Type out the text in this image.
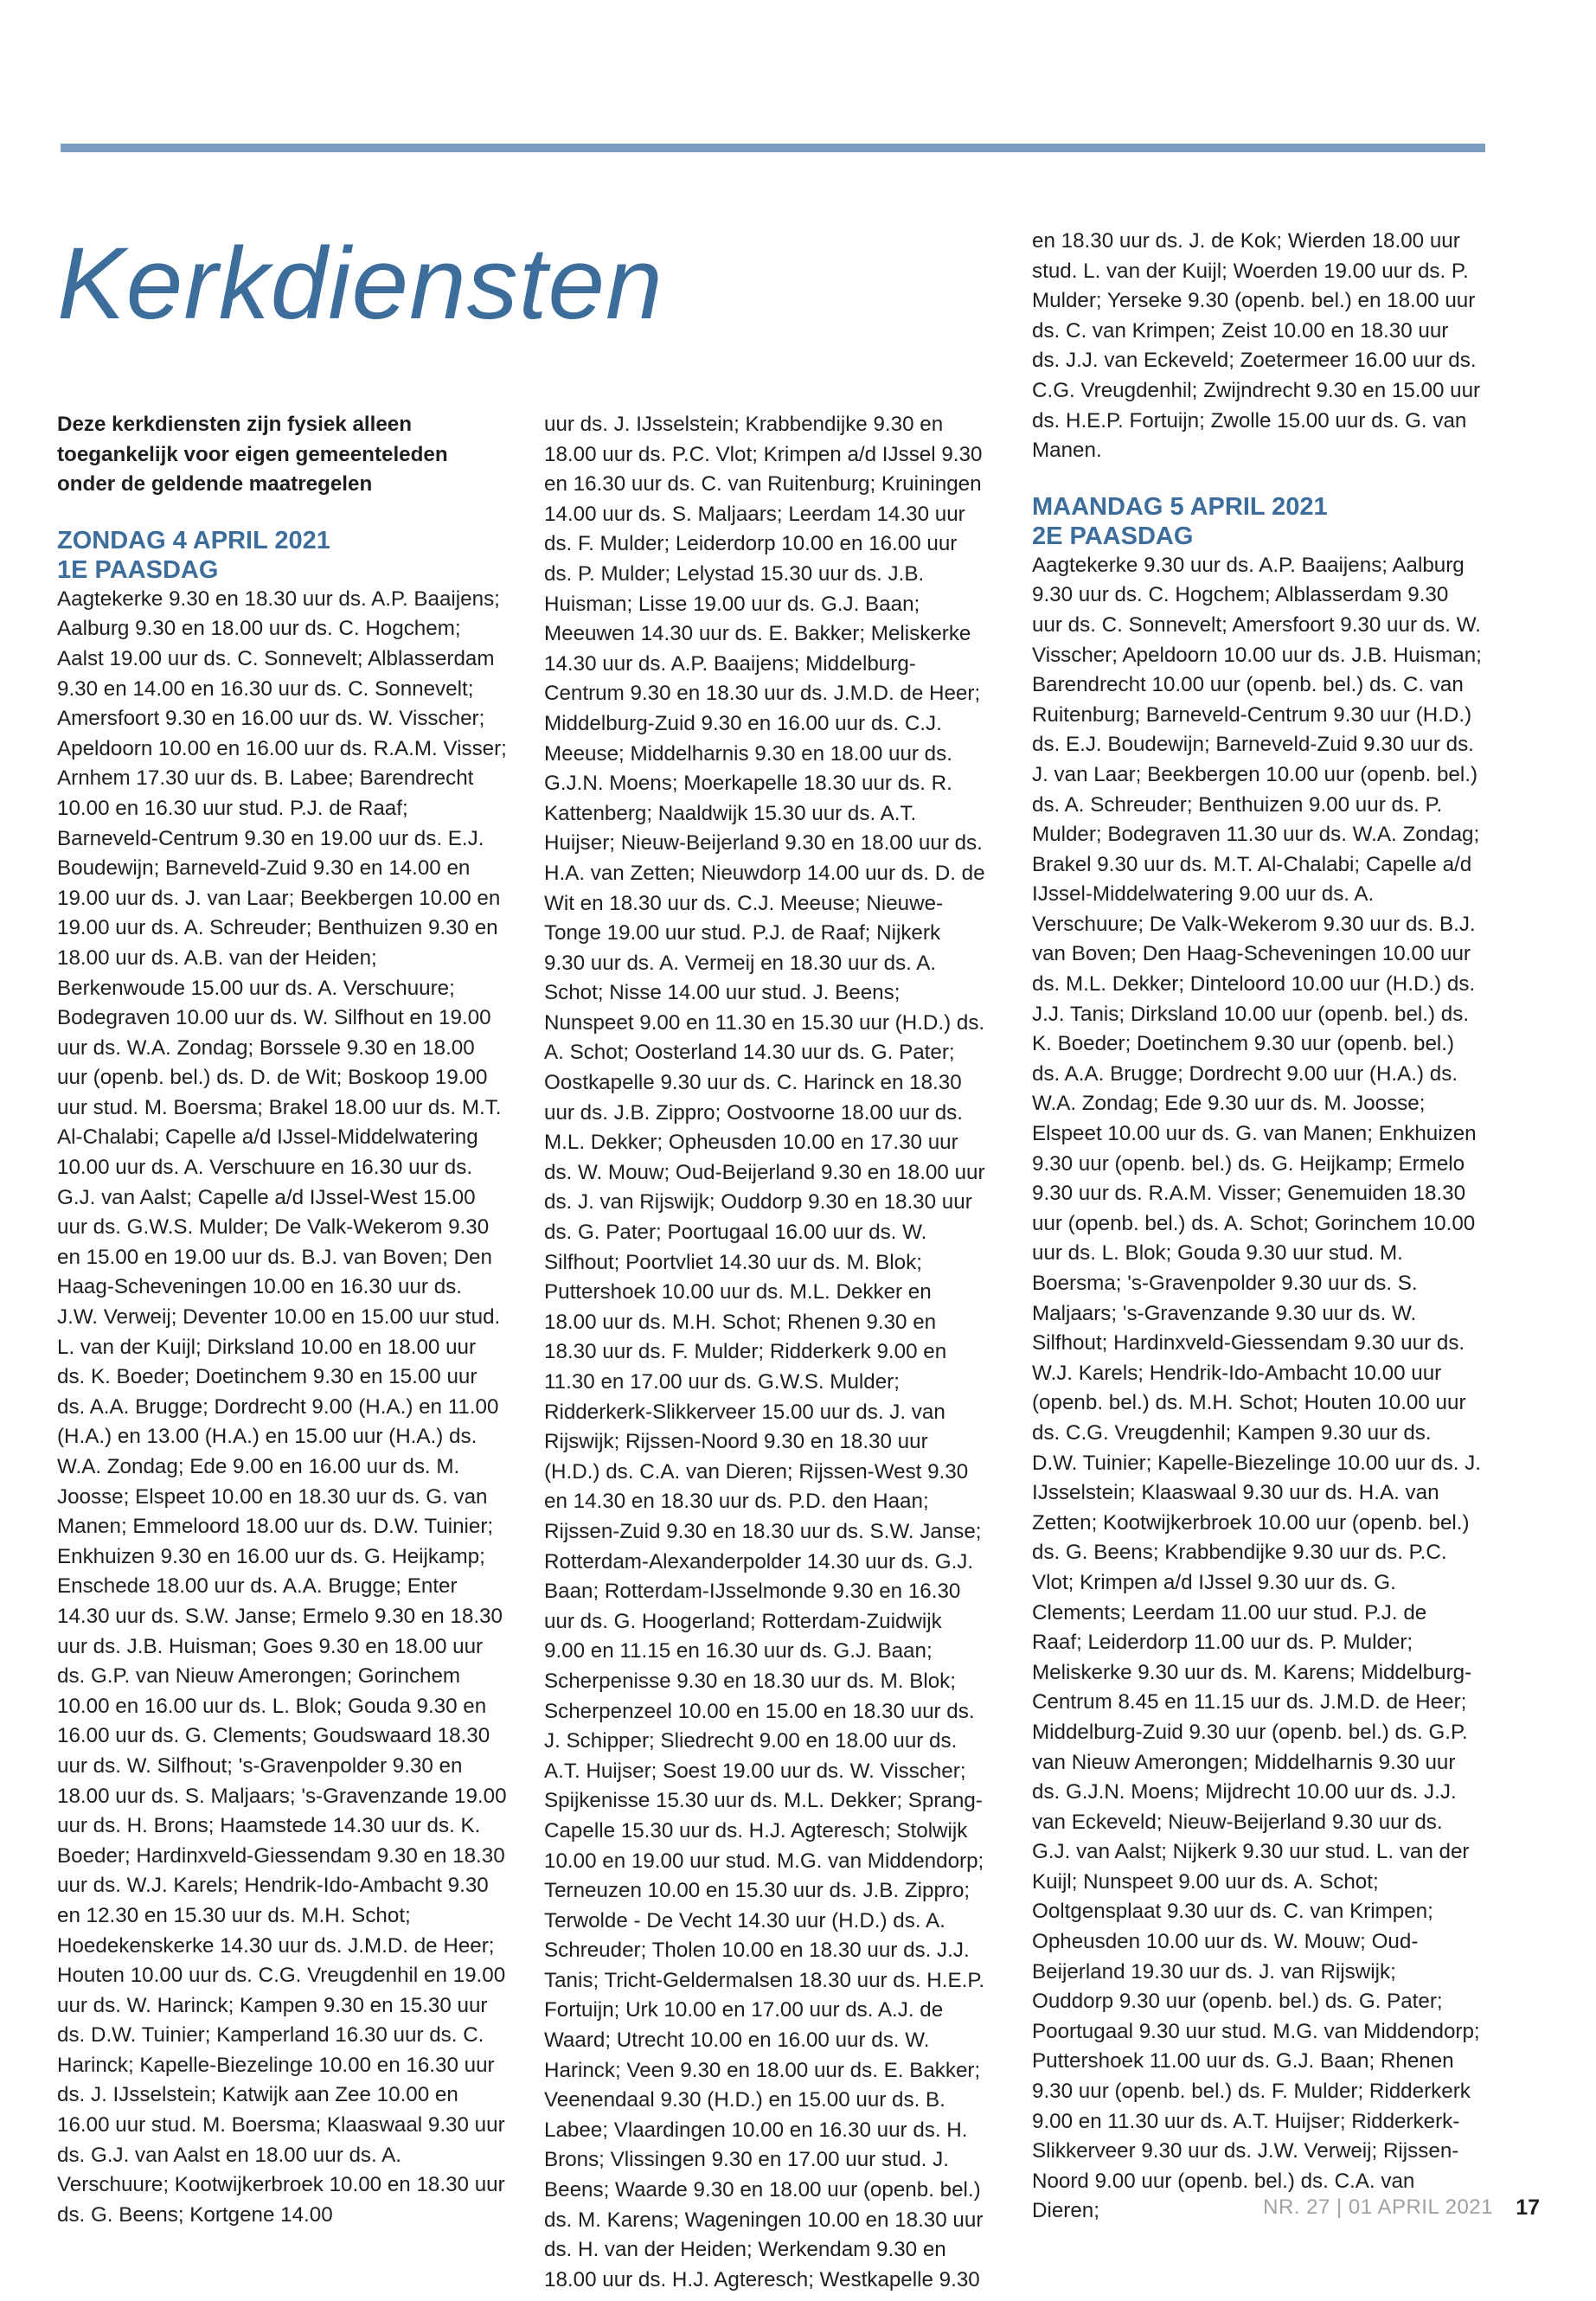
Kerkdiensten

Deze kerkdiensten zijn fysiek alleen toegankelijk voor eigen gemeenteleden onder de geldende maatregelen

ZONDAG 4 APRIL 2021
1E PAASDAG

Aagtekerke 9.30 en 18.30 uur ds. A.P. Baaijens; Aalburg 9.30 en 18.00 uur ds. C. Hogchem; Aalst 19.00 uur ds. C. Sonnevelt; Alblasserdam 9.30 en 14.00 en 16.30 uur ds. C. Sonnevelt; Amersfoort 9.30 en 16.00 uur ds. W. Visscher; Apeldoorn 10.00 en 16.00 uur ds. R.A.M. Visser; Arnhem 17.30 uur ds. B. Labee; Barendrecht 10.00 en 16.30 uur stud. P.J. de Raaf; Barneveld-Centrum 9.30 en 19.00 uur ds. E.J. Boudewijn; Barneveld-Zuid 9.30 en 14.00 en 19.00 uur ds. J. van Laar; Beekbergen 10.00 en 19.00 uur ds. A. Schreuder; Benthuizen 9.30 en 18.00 uur ds. A.B. van der Heiden; Berkenwoude 15.00 uur ds. A. Verschuure; Bodegraven 10.00 uur ds. W. Silfhout en 19.00 uur ds. W.A. Zondag; Borssele 9.30 en 18.00 uur (openb. bel.) ds. D. de Wit; Boskoop 19.00 uur stud. M. Boersma; Brakel 18.00 uur ds. M.T. Al-Chalabi; Capelle a/d IJssel-Middelwatering 10.00 uur ds. A. Verschuure en 16.30 uur ds. G.J. van Aalst; Capelle a/d IJssel-West 15.00 uur ds. G.W.S. Mulder; De Valk-Wekerom 9.30 en 15.00 en 19.00 uur ds. B.J. van Boven; Den Haag-Scheveningen 10.00 en 16.30 uur ds. J.W. Verweij; Deventer 10.00 en 15.00 uur stud. L. van der Kuijl; Dirksland 10.00 en 18.00 uur ds. K. Boeder; Doetinchem 9.30 en 15.00 uur ds. A.A. Brugge; Dordrecht 9.00 (H.A.) en 11.00 (H.A.) en 13.00 (H.A.) en 15.00 uur (H.A.) ds. W.A. Zondag; Ede 9.00 en 16.00 uur ds. M. Joosse; Elspeet 10.00 en 18.30 uur ds. G. van Manen; Emmeloord 18.00 uur ds. D.W. Tuinier; Enkhuizen 9.30 en 16.00 uur ds. G. Heijkamp; Enschede 18.00 uur ds. A.A. Brugge; Enter 14.30 uur ds. S.W. Janse; Ermelo 9.30 en 18.30 uur ds. J.B. Huisman; Goes 9.30 en 18.00 uur ds. G.P. van Nieuw Amerongen; Gorinchem 10.00 en 16.00 uur ds. L. Blok; Gouda 9.30 en 16.00 uur ds. G. Clements; Goudswaard 18.30 uur ds. W. Silfhout; 's-Gravenpolder 9.30 en 18.00 uur ds. S. Maljaars; 's-Gravenzande 19.00 uur ds. H. Brons; Haamstede 14.30 uur ds. K. Boeder; Hardinxveld-Giessendam 9.30 en 18.30 uur ds. W.J. Karels; Hendrik-Ido-Ambacht 9.30 en 12.30 en 15.30 uur ds. M.H. Schot; Hoedekenskerke 14.30 uur ds. J.M.D. de Heer; Houten 10.00 uur ds. C.G. Vreugdenhil en 19.00 uur ds. W. Harinck; Kampen 9.30 en 15.30 uur ds. D.W. Tuinier; Kamperland 16.30 uur ds. C. Harinck; Kapelle-Biezelinge 10.00 en 16.30 uur ds. J. IJsselstein; Katwijk aan Zee 10.00 en 16.00 uur stud. M. Boersma; Klaaswaal 9.30 uur ds. G.J. van Aalst en 18.00 uur ds. A. Verschuure; Kootwijkerbroek 10.00 en 18.30 uur ds. G. Beens; Kortgene 14.00

uur ds. J. IJsselstein; Krabbendijke 9.30 en 18.00 uur ds. P.C. Vlot; Krimpen a/d IJssel 9.30 en 16.30 uur ds. C. van Ruitenburg; Kruiningen 14.00 uur ds. S. Maljaars; Leerdam 14.30 uur ds. F. Mulder; Leiderdorp 10.00 en 16.00 uur ds. P. Mulder; Lelystad 15.30 uur ds. J.B. Huisman; Lisse 19.00 uur ds. G.J. Baan; Meeuwen 14.30 uur ds. E. Bakker; Meliskerke 14.30 uur ds. A.P. Baaijens; Middelburg-Centrum 9.30 en 18.30 uur ds. J.M.D. de Heer; Middelburg-Zuid 9.30 en 16.00 uur ds. C.J. Meeuse; Middelharnis 9.30 en 18.00 uur ds. G.J.N. Moens; Moerkapelle 18.30 uur ds. R. Kattenberg; Naaldwijk 15.30 uur ds. A.T. Huijser; Nieuw-Beijerland 9.30 en 18.00 uur ds. H.A. van Zetten; Nieuwdorp 14.00 uur ds. D. de Wit en 18.30 uur ds. C.J. Meeuse; Nieuwe-Tonge 19.00 uur stud. P.J. de Raaf; Nijkerk 9.30 uur ds. A. Vermeij en 18.30 uur ds. A. Schot; Nisse 14.00 uur stud. J. Beens; Nunspeet 9.00 en 11.30 en 15.30 uur (H.D.) ds. A. Schot; Oosterland 14.30 uur ds. G. Pater; Oostkapelle 9.30 uur ds. C. Harinck en 18.30 uur ds. J.B. Zippro; Oostvoorne 18.00 uur ds. M.L. Dekker; Opheusden 10.00 en 17.30 uur ds. W. Mouw; Oud-Beijerland 9.30 en 18.00 uur ds. J. van Rijswijk; Ouddorp 9.30 en 18.30 uur ds. G. Pater; Poortugaal 16.00 uur ds. W. Silfhout; Poortvliet 14.30 uur ds. M. Blok; Puttershoek 10.00 uur ds. M.L. Dekker en 18.00 uur ds. M.H. Schot; Rhenen 9.30 en 18.30 uur ds. F. Mulder; Ridderkerk 9.00 en 11.30 en 17.00 uur ds. G.W.S. Mulder; Ridderkerk-Slikkerveer 15.00 uur ds. J. van Rijswijk; Rijssen-Noord 9.30 en 18.30 uur (H.D.) ds. C.A. van Dieren; Rijssen-West 9.30 en 14.30 en 18.30 uur ds. P.D. den Haan; Rijssen-Zuid 9.30 en 18.30 uur ds. S.W. Janse; Rotterdam-Alexanderpolder 14.30 uur ds. G.J. Baan; Rotterdam-IJsselmonde 9.30 en 16.30 uur ds. G. Hoogerland; Rotterdam-Zuidwijk 9.00 en 11.15 en 16.30 uur ds. G.J. Baan; Scherpenisse 9.30 en 18.30 uur ds. M. Blok; Scherpenzeel 10.00 en 15.00 en 18.30 uur ds. J. Schipper; Sliedrecht 9.00 en 18.00 uur ds. A.T. Huijser; Soest 19.00 uur ds. W. Visscher; Spijkenisse 15.30 uur ds. M.L. Dekker; Sprang-Capelle 15.30 uur ds. H.J. Agteresch; Stolwijk 10.00 en 19.00 uur stud. M.G. van Middendorp; Terneuzen 10.00 en 15.30 uur ds. J.B. Zippro; Terwolde - De Vecht 14.30 uur (H.D.) ds. A. Schreuder; Tholen 10.00 en 18.30 uur ds. J.J. Tanis; Tricht-Geldermalsen 18.30 uur ds. H.E.P. Fortuijn; Urk 10.00 en 17.00 uur ds. A.J. de Waard; Utrecht 10.00 en 16.00 uur ds. W. Harinck; Veen 9.30 en 18.00 uur ds. E. Bakker; Veenendaal 9.30 (H.D.) en 15.00 uur ds. B. Labee; Vlaardingen 10.00 en 16.30 uur ds. H. Brons; Vlissingen 9.30 en 17.00 uur stud. J. Beens; Waarde 9.30 en 18.00 uur (openb. bel.) ds. M. Karens; Wageningen 10.00 en 18.30 uur ds. H. van der Heiden; Werkendam 9.30 en 18.00 uur ds. H.J. Agteresch; Westkapelle 9.30

en 18.30 uur ds. J. de Kok; Wierden 18.00 uur stud. L. van der Kuijl; Woerden 19.00 uur ds. P. Mulder; Yerseke 9.30 (openb. bel.) en 18.00 uur ds. C. van Krimpen; Zeist 10.00 en 18.30 uur ds. J.J. van Eckeveld; Zoetermeer 16.00 uur ds. C.G. Vreugdenhil; Zwijndrecht 9.30 en 15.00 uur ds. H.E.P. Fortuijn; Zwolle 15.00 uur ds. G. van Manen.

MAANDAG 5 APRIL 2021
2E PAASDAG

Aagtekerke 9.30 uur ds. A.P. Baaijens; Aalburg 9.30 uur ds. C. Hogchem; Alblasserdam 9.30 uur ds. C. Sonnevelt; Amersfoort 9.30 uur ds. W. Visscher; Apeldoorn 10.00 uur ds. J.B. Huisman; Barendrecht 10.00 uur (openb. bel.) ds. C. van Ruitenburg; Barneveld-Centrum 9.30 uur (H.D.) ds. E.J. Boudewijn; Barneveld-Zuid 9.30 uur ds. J. van Laar; Beekbergen 10.00 uur (openb. bel.) ds. A. Schreuder; Benthuizen 9.00 uur ds. P. Mulder; Bodegraven 11.30 uur ds. W.A. Zondag; Brakel 9.30 uur ds. M.T. Al-Chalabi; Capelle a/d IJssel-Middelwatering 9.00 uur ds. A. Verschuure; De Valk-Wekerom 9.30 uur ds. B.J. van Boven; Den Haag-Scheveningen 10.00 uur ds. M.L. Dekker; Dinteloord 10.00 uur (H.D.) ds. J.J. Tanis; Dirksland 10.00 uur (openb. bel.) ds. K. Boeder; Doetinchem 9.30 uur (openb. bel.) ds. A.A. Brugge; Dordrecht 9.00 uur (H.A.) ds. W.A. Zondag; Ede 9.30 uur ds. M. Joosse; Elspeet 10.00 uur ds. G. van Manen; Enkhuizen 9.30 uur (openb. bel.) ds. G. Heijkamp; Ermelo 9.30 uur ds. R.A.M. Visser; Genemuiden 18.30 uur (openb. bel.) ds. A. Schot; Gorinchem 10.00 uur ds. L. Blok; Gouda 9.30 uur stud. M. Boersma; 's-Gravenpolder 9.30 uur ds. S. Maljaars; 's-Gravenzande 9.30 uur ds. W. Silfhout; Hardinxveld-Giessendam 9.30 uur ds. W.J. Karels; Hendrik-Ido-Ambacht 10.00 uur (openb. bel.) ds. M.H. Schot; Houten 10.00 uur ds. C.G. Vreugdenhil; Kampen 9.30 uur ds. D.W. Tuinier; Kapelle-Biezelinge 10.00 uur ds. J. IJsselstein; Klaaswaal 9.30 uur ds. H.A. van Zetten; Kootwijkerbroek 10.00 uur (openb. bel.) ds. G. Beens; Krabbendijke 9.30 uur ds. P.C. Vlot; Krimpen a/d IJssel 9.30 uur ds. G. Clements; Leerdam 11.00 uur stud. P.J. de Raaf; Leiderdorp 11.00 uur ds. P. Mulder; Meliskerke 9.30 uur ds. M. Karens; Middelburg-Centrum 8.45 en 11.15 uur ds. J.M.D. de Heer; Middelburg-Zuid 9.30 uur (openb. bel.) ds. G.P. van Nieuw Amerongen; Middelharnis 9.30 uur ds. G.J.N. Moens; Mijdrecht 10.00 uur ds. J.J. van Eckeveld; Nieuw-Beijerland 9.30 uur ds. G.J. van Aalst; Nijkerk 9.30 uur stud. L. van der Kuijl; Nunspeet 9.00 uur ds. A. Schot; Ooltgensplaat 9.30 uur ds. C. van Krimpen; Opheusden 10.00 uur ds. W. Mouw; Oud-Beijerland 19.30 uur ds. J. van Rijswijk; Ouddorp 9.30 uur (openb. bel.) ds. G. Pater; Poortugaal 9.30 uur stud. M.G. van Middendorp; Puttershoek 11.00 uur ds. G.J. Baan; Rhenen 9.30 uur (openb. bel.) ds. F. Mulder; Ridderkerk 9.00 en 11.30 uur ds. A.T. Huijser; Ridderkerk-Slikkerveer 9.30 uur ds. J.W. Verweij; Rijssen-Noord 9.00 uur (openb. bel.) ds. C.A. van Dieren;	NR. 27 | 01 APRIL 2021 17
